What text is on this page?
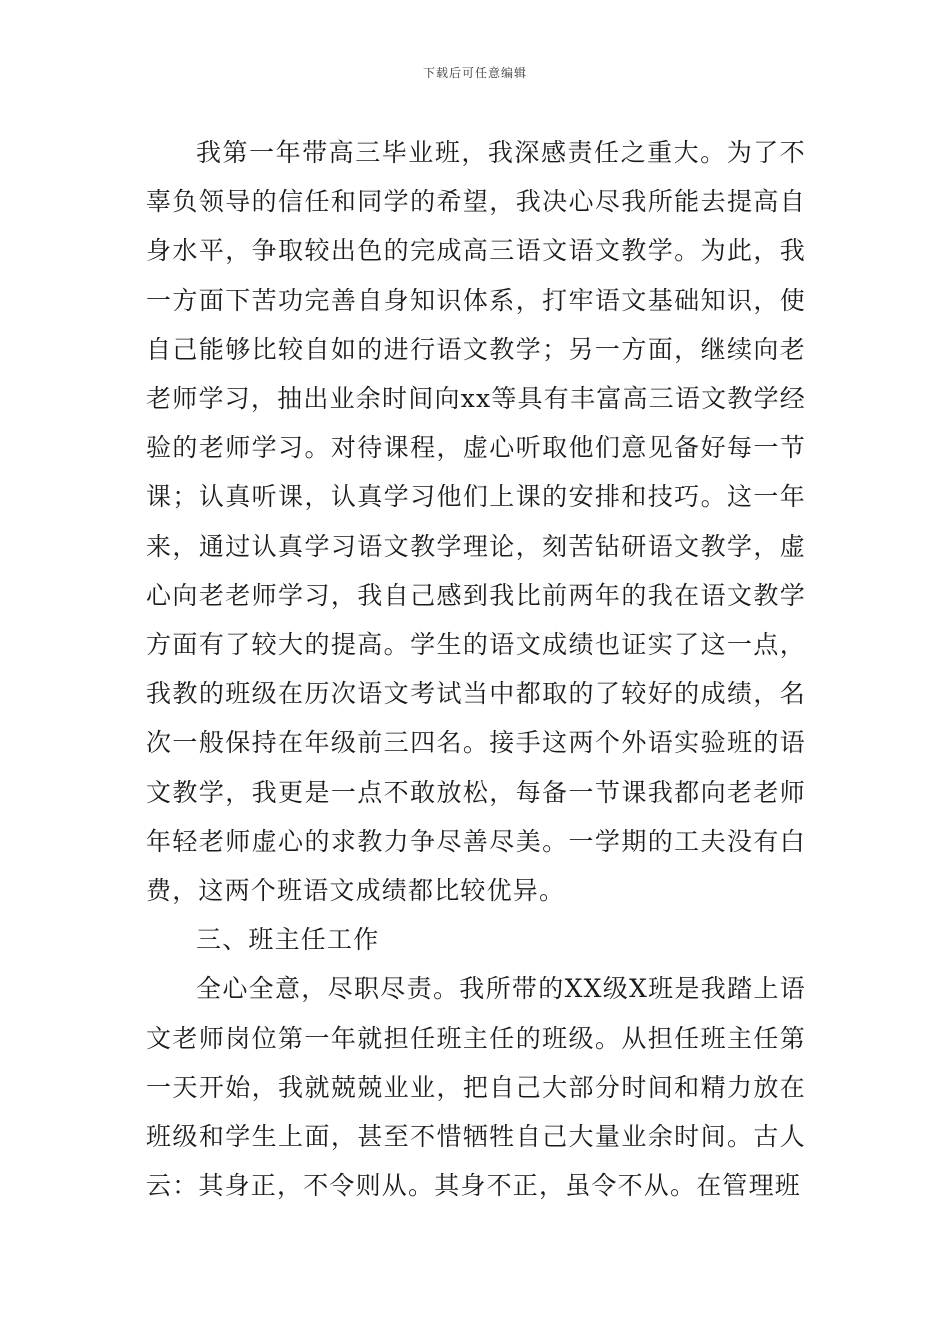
下载后可任意编辑

我第一年带高三毕业班，我深感责任之重大。为了不辜负领导的信任和同学的希望，我决心尽我所能去提高自身水平，争取较出色的完成高三语文语文教学。为此，我一方面下苦功完善自身知识体系，打牢语文基础知识，使自己能够比较自如的进行语文教学；另一方面，继续向老老师学习，抽出业余时间向xx等具有丰富高三语文教学经验的老师学习。对待课程，虚心听取他们意见备好每一节课；认真听课，认真学习他们上课的安排和技巧。这一年来，通过认真学习语文教学理论，刻苦钻研语文教学，虚心向老老师学习，我自己感到我比前两年的我在语文教学方面有了较大的提高。学生的语文成绩也证实了这一点，我教的班级在历次语文考试当中都取的了较好的成绩，名次一般保持在年级前三四名。接手这两个外语实验班的语文教学，我更是一点不敢放松，每备一节课我都向老老师年轻老师虚心的求教力争尽善尽美。一学期的工夫没有白费，这两个班语文成绩都比较优异。

三、班主任工作

全心全意，尽职尽责。我所带的XX级X班是我踏上语文老师岗位第一年就担任班主任的班级。从担任班主任第一天开始，我就兢兢业业，把自己大部分时间和精力放在班级和学生上面，甚至不惜牺牲自己大量业余时间。古人云：其身正，不令则从。其身不正，虽令不从。在管理班
